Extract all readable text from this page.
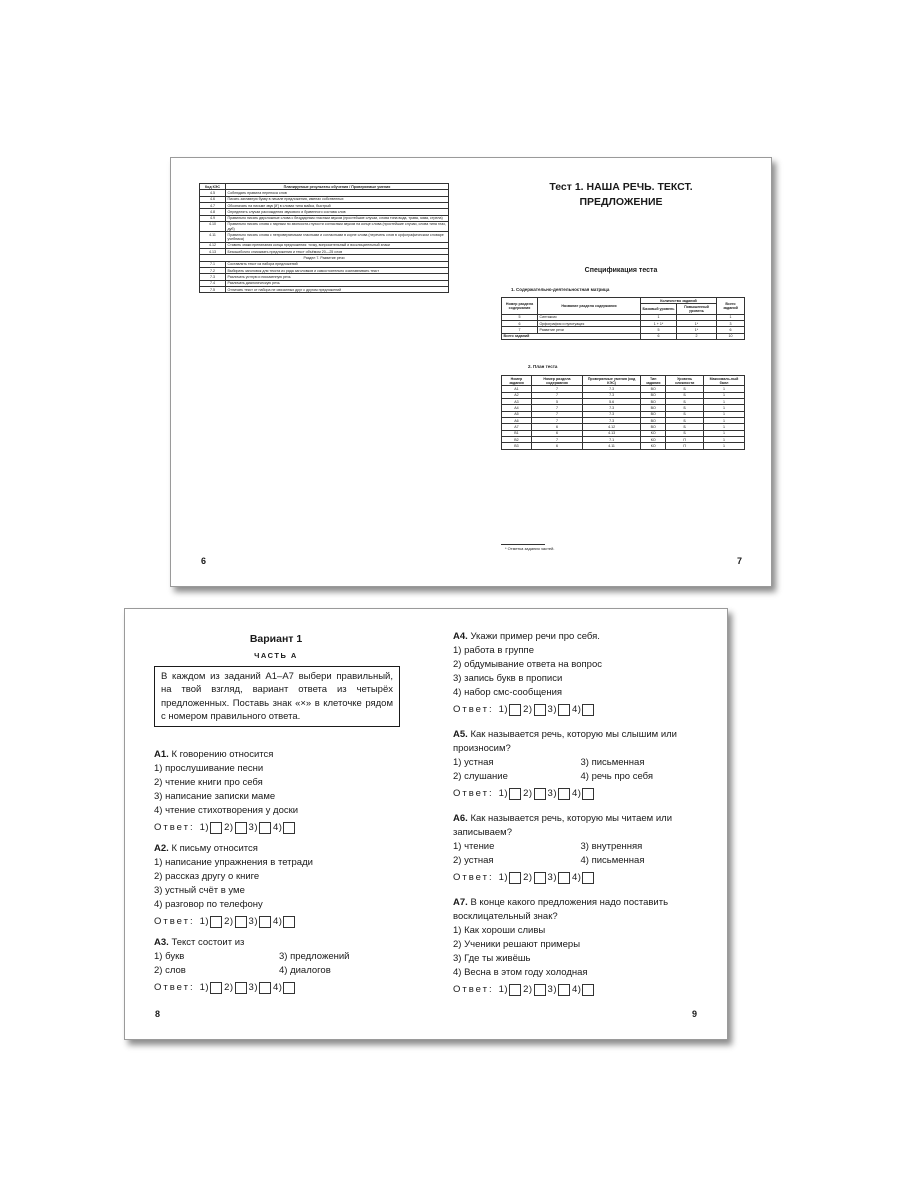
Код КЭС	Планируемые результаты обучения / Проверяемые умения
4.5	Соблюдать правила переноса слов
4.6	Писать заглавную букву в начале предложения, именах собственных
4.7	Обозначать на письме звук [й'] в словах типа майка, быстрый
4.8	Определять случаи расхождения звукового и буквенного состава слов
4.9	Правильно писать двусложные слова с безударным гласным звуком (простейшие случаи, слова типа вода, трава, зима, стрела)
4.10	Правильно писать слова с парным по звонкости-глухости согласным звуком на конце слова (простейшие случаи, слова типа глаз, дуб)
4.11	Правильно писать слова с непроверяемыми гласными и согласными в корне слова (перечень слов в орфографическом словаре учебника)
4.12	Ставить знаки препинания конца предложения: точку, вопросительный и восклицательный знаки
4.13	Безошибочно списывать предложения и текст объёмом 20—25 слов
Раздел 7. Развитие речи	
7.1	Составлять текст из набора предложений
7.2	Выбирать заголовок для текста из ряда заголовков и самостоятельно озаглавливать текст
7.3	Различать устную и письменную речь
7.4	Различать диалогическую речь
7.5	Отличать текст от набора не связанных друг с другом предложений
6
Тест 1. НАША РЕЧЬ. ТЕКСТ.
ПРЕДЛОЖЕНИЕ
Спецификация теста
1. Содержательно-деятельностная матрица
Номер раздела содержания	Название раздела содержания	Количество заданий		Всего заданий
		Базовый уровень	Повышенный уровень	
5	Синтаксис	1		1
6	Орфография и пунктуация	1 + 1*	1*	3
7	Развитие речи	5	1*	6
Всего заданий		6	2	10
2. План теста
Номер задания	Номер раздела содержания	Проверяемые умения (код КЭС)	Тип задания	Уровень сложности	Максималь-ный балл
А1	7	7.3	ВО	Б	1
А2	7	7.3	ВО	Б	1
А3	5	5.6	ВО	Б	1
А4	7	7.3	ВО	Б	1
А5	7	7.3	ВО	Б	1
А6	7	7.3	ВО	Б	1
А7	6	4.12	ВО	Б	1
В1	6	4.13	КО	Б	1
В2	7	7.1	КО	П	1
В3	6	4.11	КО	П	1
* Отметка задания частей.
7
Вариант 1
ЧАСТЬ А
В каждом из заданий А1–А7 выбери правильный, на твой взгляд, вариант ответа из четырёх предложенных. Поставь знак «×» в клеточке рядом с номером правильного ответа.
А1. К говорению относится
1) прослушивание песни
2) чтение книги про себя
3) написание записки маме
4) чтение стихотворения у доски
Ответ: 1) 2) 3) 4)
А2. К письму относится
1) написание упражнения в тетради
2) рассказ другу о книге
3) устный счёт в уме
4) разговор по телефону
Ответ: 1) 2) 3) 4)
А3. Текст состоит из
1) букв	3) предложений
2) слов	4) диалогов
Ответ: 1) 2) 3) 4)
8
А4. Укажи пример речи про себя.
1) работа в группе
2) обдумывание ответа на вопрос
3) запись букв в прописи
4) набор смс-сообщения
Ответ: 1) 2) 3) 4)
А5. Как называется речь, которую мы слышим или произносим?
1) устная	3) письменная
2) слушание	4) речь про себя
Ответ: 1) 2) 3) 4)
А6. Как называется речь, которую мы читаем или записываем?
1) чтение	3) внутренняя
2) устная	4) письменная
Ответ: 1) 2) 3) 4)
А7. В конце какого предложения надо поставить восклицательный знак?
1) Как хороши сливы
2) Ученики решают примеры
3) Где ты живёшь
4) Весна в этом году холодная
Ответ: 1) 2) 3) 4)
9
